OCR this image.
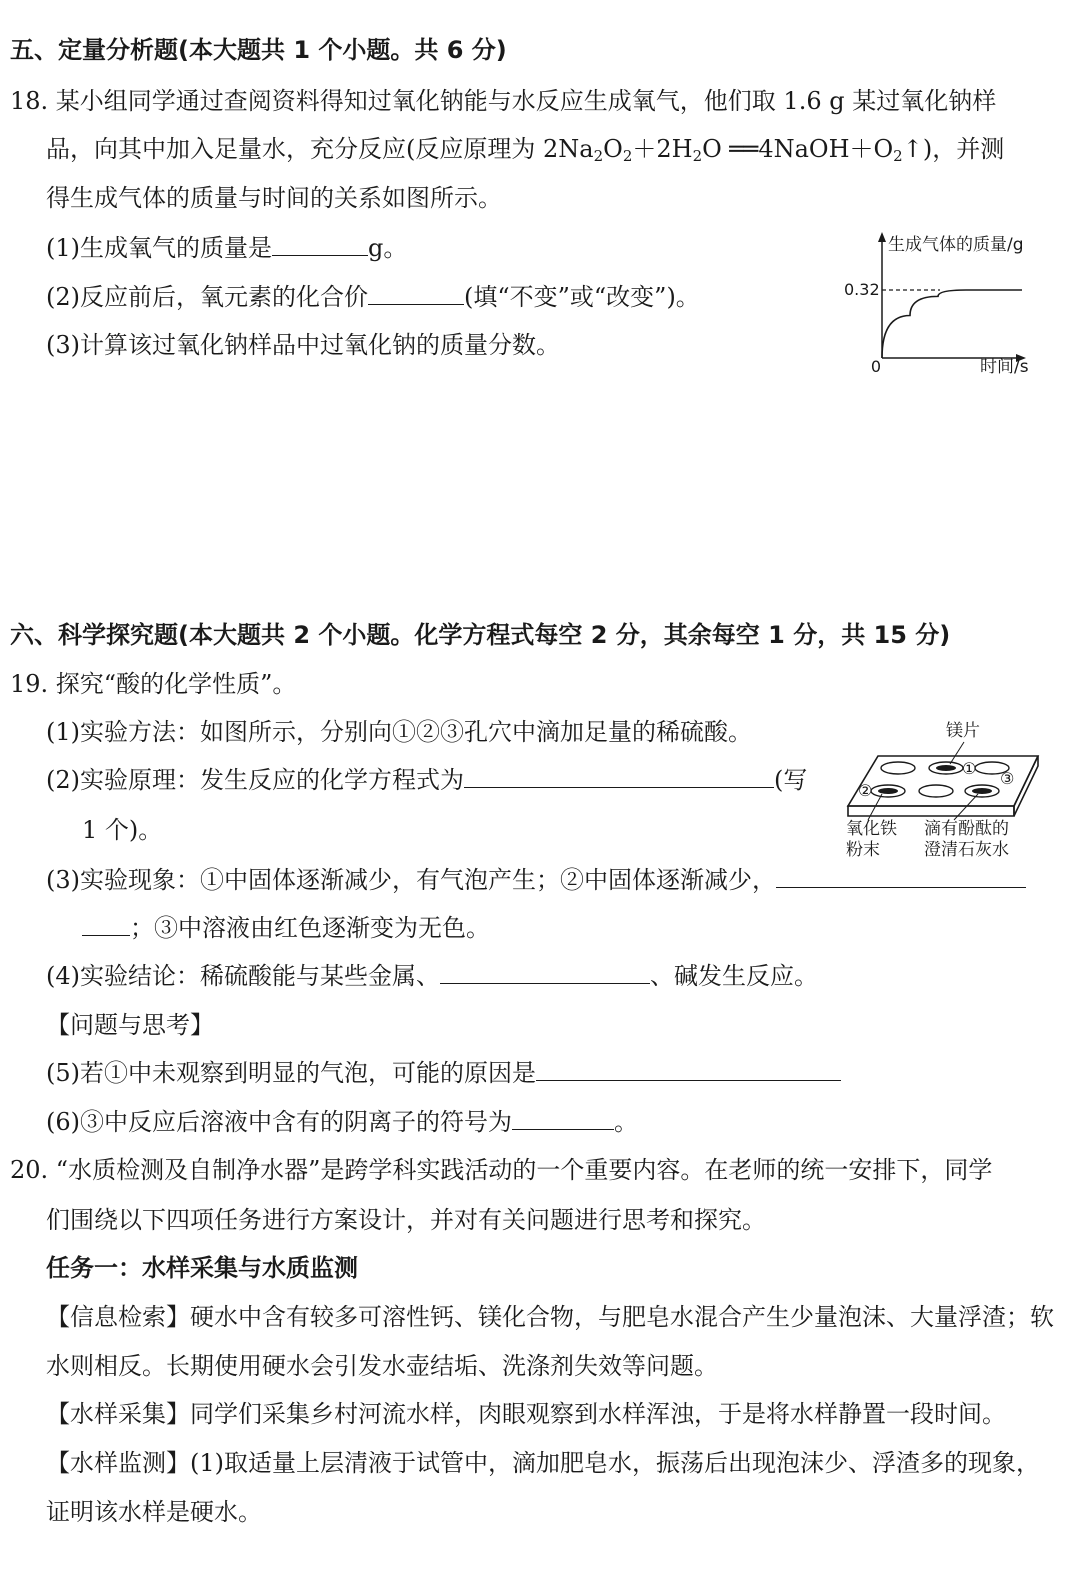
五、定量分析题(本大题共 1 个小题。共 6 分)
18. 某小组同学通过查阅资料得知过氧化钠能与水反应生成氧气，他们取 1.6 g 某过氧化钠样
品，向其中加入足量水，充分反应(反应原理为 $2Na_2O_2+2H_2O$ $══4NaOH+O_2↑$)，并测
得生成气体的质量与时间的关系如图所示。
(1)生成氧气的质量是	g。
(2)反应前后，氧元素的化合价	(填“不变”或“改变”)。
(3)计算该过氧化钠样品中过氧化钠的质量分数。
生成气体的质量/g
时间/s
0
0.32
六、科学探究题(本大题共 2 个小题。化学方程式每空 2 分，其余每空 1 分，共 15 分)
19. 探究“酸的化学性质”。
(1)实验方法：如图所示，分别向①②③孔穴中滴加足量的稀硫酸。
(2)实验原理：发生反应的化学方程式为	(写
1 个)。
(3)实验现象：①中固体逐渐减少，有气泡产生；②中固体逐渐减少，
；③中溶液由红色逐渐变为无色。
(4)实验结论：稀硫酸能与某些金属、	、碱发生反应。
【问题与思考】
(5)若①中未观察到明显的气泡，可能的原因是
(6)③中反应后溶液中含有的阴离子的符号为	。
镁片
①
②
③
氧化铁
粉末
滴有酚酞的
澄清石灰水
20. “水质检测及自制净水器”是跨学科实践活动的一个重要内容。在老师的统一安排下，同学
们围绕以下四项任务进行方案设计，并对有关问题进行思考和探究。
任务一：水样采集与水质监测
【信息检索】硬水中含有较多可溶性钙、镁化合物，与肥皂水混合产生少量泡沫、大量浮渣；软
水则相反。长期使用硬水会引发水壶结垢、洗涤剂失效等问题。
【水样采集】同学们采集乡村河流水样，肉眼观察到水样浑浊，于是将水样静置一段时间。
【水样监测】(1)取适量上层清液于试管中，滴加肥皂水，振荡后出现泡沫少、浮渣多的现象，
证明该水样是硬水。
